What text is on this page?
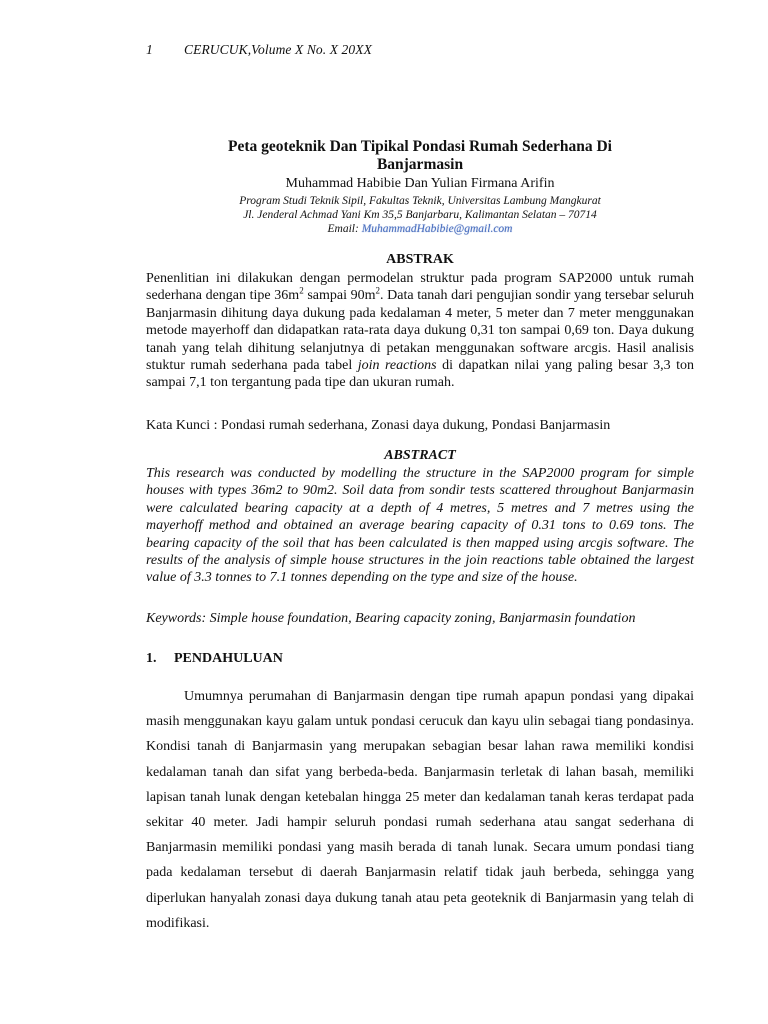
1 CERUCUK,Volume X No. X 20XX
Peta geoteknik Dan Tipikal Pondasi Rumah Sederhana Di
Banjarmasin
Muhammad Habibie Dan Yulian Firmana Arifin
Program Studi Teknik Sipil, Fakultas Teknik, Universitas Lambung Mangkurat
Jl. Jenderal Achmad Yani Km 35,5 Banjarbaru, Kalimantan Selatan – 70714
Email: MuhammadHabibie@gmail.com
ABSTRAK

Penenlitian ini dilakukan dengan permodelan struktur pada program SAP2000 untuk rumah sederhana dengan tipe $36m^2$ sampai $90m^2$. Data tanah dari pengujian sondir yang tersebar seluruh Banjarmasin dihitung daya dukung pada kedalaman 4 meter, 5 meter dan 7 meter menggunakan metode mayerhoff dan didapatkan rata-rata daya dukung 0,31 ton sampai 0,69 ton. Daya dukung tanah yang telah dihitung selanjutnya di petakan menggunakan software arcgis. Hasil analisis stuktur rumah sederhana pada tabel join reactions di dapatkan nilai yang paling besar 3,3 ton sampai 7,1 ton tergantung pada tipe dan ukuran rumah.

Kata Kunci : Pondasi rumah sederhana, Zonasi daya dukung, Pondasi Banjarmasin

ABSTRACT

This research was conducted by modelling the structure in the SAP2000 program for simple houses with types 36m2 to 90m2. Soil data from sondir tests scattered throughout Banjarmasin were calculated bearing capacity at a depth of 4 metres, 5 metres and 7 metres using the mayerhoff method and obtained an average bearing capacity of 0.31 tons to 0.69 tons. The bearing capacity of the soil that has been calculated is then mapped using arcgis software. The results of the analysis of simple house structures in the join reactions table obtained the largest value of 3.3 tonnes to 7.1 tonnes depending on the type and size of the house.

Keywords: Simple house foundation, Bearing capacity zoning, Banjarmasin foundation

1. PENDAHULUAN

Umumnya perumahan di Banjarmasin dengan tipe rumah apapun pondasi yang dipakai masih menggunakan kayu galam untuk pondasi cerucuk dan kayu ulin sebagai tiang pondasinya. Kondisi tanah di Banjarmasin yang merupakan sebagian besar lahan rawa memiliki kondisi kedalaman tanah dan sifat yang berbeda-beda. Banjarmasin terletak di lahan basah, memiliki lapisan tanah lunak dengan ketebalan hingga 25 meter dan kedalaman tanah keras terdapat pada sekitar 40 meter. Jadi hampir seluruh pondasi rumah sederhana atau sangat sederhana di Banjarmasin memiliki pondasi yang masih berada di tanah lunak. Secara umum pondasi tiang pada kedalaman tersebut di daerah Banjarmasin relatif tidak jauh berbeda, sehingga yang diperlukan hanyalah zonasi daya dukung tanah atau peta geoteknik di Banjarmasin yang telah di modifikasi.
